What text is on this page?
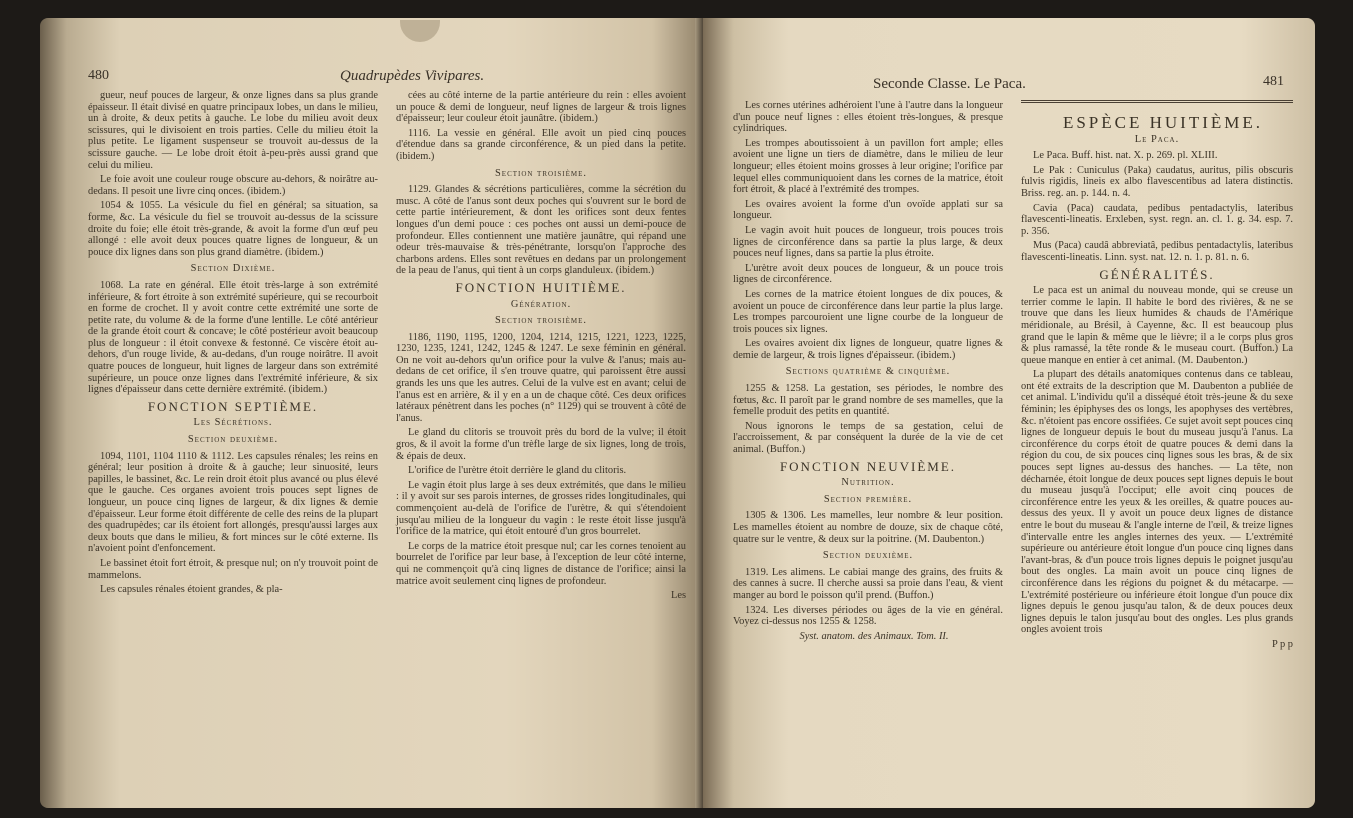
480	Quadrupèdes Vivipares.

gueur, neuf pouces de largeur, & onze lignes dans sa plus grande épaisseur. Il était divisé en quatre principaux lobes, un dans le milieu, un à droite, & deux petits à gauche. Le lobe du milieu avoit deux scissures, qui le divisoient en trois parties. Celle du milieu étoit la plus petite. Le ligament suspenseur se trouvoit au-dessus de la scissure gauche. — Le lobe droit étoit à-peu-près aussi grand que celui du milieu.

Le foie avoit une couleur rouge obscure au-dehors, & noirâtre au-dedans. Il pesoit une livre cinq onces. (ibidem.)

1054 & 1055. La vésicule du fiel en général; sa situation, sa forme, &c. La vésicule du fiel se trouvoit au-dessus de la scissure droite du foie; elle étoit très-grande, & avoit la forme d'un œuf peu allongé : elle avoit deux pouces quatre lignes de longueur, & un pouce dix lignes dans son plus grand diamètre. (ibidem.)

Section Dixième.

1068. La rate en général. Elle étoit très-large à son extrémité inférieure, & fort étroite à son extrémité supérieure, qui se recourboit en forme de crochet. Il y avoit contre cette extrémité une sorte de petite rate, du volume & de la forme d'une lentille. Le côté antérieur de la grande étoit court & concave; le côté postérieur avoit beaucoup plus de longueur : il étoit convexe & festonné. Ce viscère étoit au-dehors, d'un rouge livide, & au-dedans, d'un rouge noirâtre. Il avoit quatre pouces de longueur, huit lignes de largeur dans son extrémité supérieure, un pouce onze lignes dans l'extrémité inférieure, & six lignes d'épaisseur dans cette dernière extrémité. (ibidem.)

FONCTION SEPTIÈME.

Les Sécrétions.

Section deuxième.

1094, 1101, 1104 1110 & 1112. Les capsules rénales; les reins en général; leur position à droite & à gauche; leur sinuosité, leurs papilles, le bassinet, &c. Le rein droit étoit plus avancé ou plus élevé que le gauche. Ces organes avoient trois pouces sept lignes de longueur, un pouce cinq lignes de largeur, & dix lignes & demie d'épaisseur. Leur forme étoit différente de celle des reins de la plupart des quadrupèdes; car ils étoient fort allongés, presqu'aussi larges aux deux bouts que dans le milieu, & fort minces sur le côté externe. Ils n'avoient point d'enfoncement.

Le bassinet étoit fort étroit, & presque nul; on n'y trouvoit point de mammelons.

Les capsules rénales étoient grandes, & pla-

cées au côté interne de la partie antérieure du rein : elles avoient un pouce & demi de longueur, neuf lignes de largeur & trois lignes d'épaisseur; leur couleur étoit jaunâtre. (ibidem.)

1116. La vessie en général. Elle avoit un pied cinq pouces d'étendue dans sa grande circonférence, & un pied dans la petite. (ibidem.)

Section troisième.

1129. Glandes & sécrétions particulières, comme la sécrétion du musc. A côté de l'anus sont deux poches qui s'ouvrent sur le bord de cette partie intérieurement, & dont les orifices sont deux fentes longues d'un demi pouce : ces poches ont aussi un demi-pouce de profondeur. Elles contiennent une matière jaunâtre, qui répand une odeur très-mauvaise & très-pénétrante, lorsqu'on l'approche des charbons ardens. Elles sont revêtues en dedans par un prolongement de la peau de l'anus, qui tient à un corps glanduleux. (ibidem.)

FONCTION HUITIÈME.

Génération.

Section troisième.

1186, 1190, 1195, 1200, 1204, 1214, 1215, 1221, 1223, 1225, 1230, 1235, 1241, 1242, 1245 & 1247. Le sexe féminin en général. On ne voit au-dehors qu'un orifice pour la vulve & l'anus; mais au-dedans de cet orifice, il s'en trouve quatre, qui paroissent être aussi grands les uns que les autres. Celui de la vulve est en avant; celui de l'anus est en arrière, & il y en a un de chaque côté. Ces deux orifices latéraux pénètrent dans les poches (n° 1129) qui se trouvent à côté de l'anus.

Le gland du clitoris se trouvoit près du bord de la vulve; il étoit gros, & il avoit la forme d'un trèfle large de six lignes, long de trois, & épais de deux.

L'orifice de l'urètre étoit derrière le gland du clitoris.

Le vagin étoit plus large à ses deux extrémités, que dans le milieu : il y avoit sur ses parois internes, de grosses rides longitudinales, qui commençoient au-delà de l'orifice de l'urètre, & qui s'étendoient jusqu'au milieu de la longueur du vagin : le reste étoit lisse jusqu'à l'orifice de la matrice, qui étoit entouré d'un gros bourrelet.

Le corps de la matrice étoit presque nul; car les cornes tenoient au bourrelet de l'orifice par leur base, à l'exception de leur côté interne, qui ne commençoit qu'à cinq lignes de distance de l'orifice; ainsi la matrice avoit seulement cinq lignes de profondeur.

Les

Seconde Classe. Le Paca.	481

Les cornes utérines adhéroient l'une à l'autre dans la longueur d'un pouce neuf lignes : elles étoient très-longues, & presque cylindriques.

Les trompes aboutissoient à un pavillon fort ample; elles avoient une ligne un tiers de diamètre, dans le milieu de leur longueur; elles étoient moins grosses à leur origine; l'orifice par lequel elles communiquoient dans les cornes de la matrice, étoit fort étroit, & placé à l'extrémité des trompes.

Les ovaires avoient la forme d'un ovoïde applati sur sa longueur.

Le vagin avoit huit pouces de longueur, trois pouces trois lignes de circonférence dans sa partie la plus large, & deux pouces neuf lignes, dans sa partie la plus étroite.

L'urètre avoit deux pouces de longueur, & un pouce trois lignes de circonférence.

Les cornes de la matrice étoient longues de dix pouces, & avoient un pouce de circonférence dans leur partie la plus large. Les trompes parcouroient une ligne courbe de la longueur de trois pouces six lignes.

Les ovaires avoient dix lignes de longueur, quatre lignes & demie de largeur, & trois lignes d'épaisseur. (ibidem.)

Sections quatrième & cinquième.

1255 & 1258. La gestation, ses périodes, le nombre des fœtus, &c. Il paroît par le grand nombre de ses mamelles, que la femelle produit des petits en quantité.

Nous ignorons le temps de sa gestation, celui de l'accroissement, & par conséquent la durée de la vie de cet animal. (Buffon.)

FONCTION NEUVIÈME.

Nutrition.

Section première.

1305 & 1306. Les mamelles, leur nombre & leur position. Les mamelles étoient au nombre de douze, six de chaque côté, quatre sur le ventre, & deux sur la poitrine. (M. Daubenton.)

Section deuxième.

1319. Les alimens. Le cabiai mange des grains, des fruits & des cannes à sucre. Il cherche aussi sa proie dans l'eau, & vient manger au bord le poisson qu'il prend. (Buffon.)

1324. Les diverses périodes ou âges de la vie en général. Voyez ci-dessus nos 1255 & 1258.

Syst. anatom. des Animaux. Tom. II.

ESPÈCE HUITIÈME.

Le Paca.

Le Paca. Buff. hist. nat. X. p. 269. pl. XLIII.

Le Pak : Cuniculus (Paka) caudatus, auritus, pilis obscuris fulvis rigidis, lineis ex albo flavescentibus ad latera distinctis. Briss. reg. an. p. 144. n. 4.

Cavia (Paca) caudata, pedibus pentadactylis, lateribus flavescenti-lineatis. Erxleben, syst. regn. an. cl. 1. g. 34. esp. 7. p. 356.

Mus (Paca) caudâ abbreviatâ, pedibus pentadactylis, lateribus flavescenti-lineatis. Linn. syst. nat. 12. n. 1. p. 81. n. 6.

GÉNÉRALITÉS.

Le paca est un animal du nouveau monde, qui se creuse un terrier comme le lapin. Il habite le bord des rivières, & ne se trouve que dans les lieux humides & chauds de l'Amérique méridionale, au Brésil, à Cayenne, &c. Il est beaucoup plus grand que le lapin & même que le lièvre; il a le corps plus gros & plus ramassé, la tête ronde & le museau court. (Buffon.) La queue manque en entier à cet animal. (M. Daubenton.)

La plupart des détails anatomiques contenus dans ce tableau, ont été extraits de la description que M. Daubenton a publiée de cet animal. L'individu qu'il a disséqué étoit très-jeune & du sexe féminin; les épiphyses des os longs, les apophyses des vertèbres, &c. n'étoient pas encore ossifiées. Ce sujet avoit sept pouces cinq lignes de longueur depuis le bout du museau jusqu'à l'anus. La circonférence du corps étoit de quatre pouces & demi dans la région du cou, de six pouces cinq lignes sous les bras, & de six pouces sept lignes au-dessus des hanches. — La tête, non décharnée, étoit longue de deux pouces sept lignes depuis le bout du museau jusqu'à l'occiput; elle avoit cinq pouces de circonférence entre les yeux & les oreilles, & quatre pouces au-dessus des yeux. Il y avoit un pouce deux lignes de distance entre le bout du museau & l'angle interne de l'œil, & treize lignes d'intervalle entre les angles internes des yeux. — L'extrémité supérieure ou antérieure étoit longue d'un pouce cinq lignes dans l'avant-bras, & d'un pouce trois lignes depuis le poignet jusqu'au bout des ongles. La main avoit un pouce cinq lignes de circonférence dans les régions du poignet & du métacarpe. — L'extrémité postérieure ou inférieure étoit longue d'un pouce dix lignes depuis le genou jusqu'au talon, & de deux pouces deux lignes depuis le talon jusqu'au bout des ongles. Les plus grands ongles avoient trois

P p p
